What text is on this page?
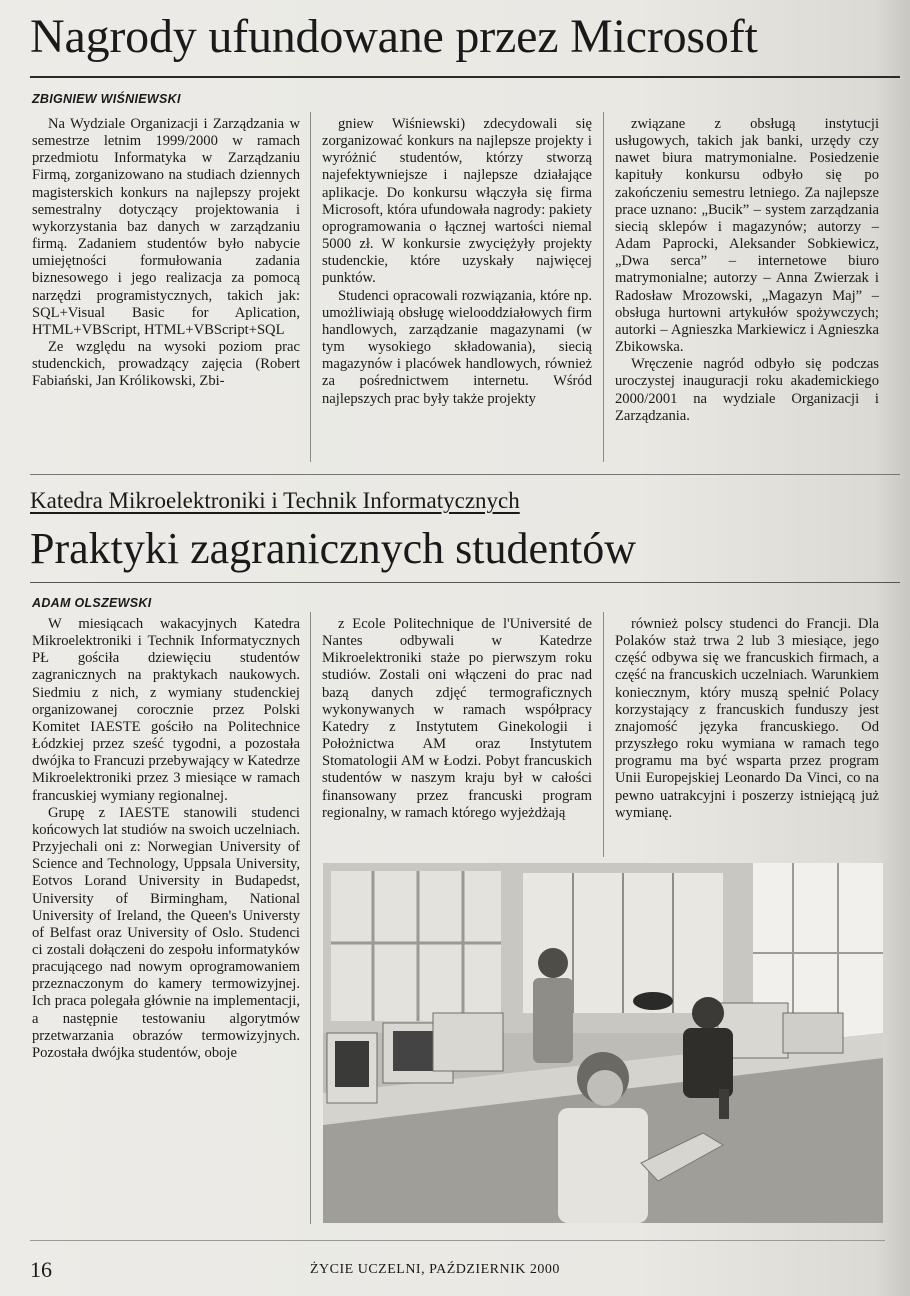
Nagrody ufundowane przez Microsoft
ZBIGNIEW WIŚNIEWSKI

Na Wydziale Organizacji i Zarządzania w semestrze letnim 1999/2000 w ramach przedmiotu Informatyka w Zarządzaniu Firmą, zorganizowano na studiach dziennych magisterskich konkurs na najlepszy projekt semestralny dotyczący projektowania i wykorzystania baz danych w zarządzaniu firmą. Zadaniem studentów było nabycie umiejętności formułowania zadania biznesowego i jego realizacja za pomocą narzędzi programistycznych, takich jak: SQL+Visual Basic for Aplication, HTML+VBScript, HTML+VBScript+SQL

Ze względu na wysoki poziom prac studenckich, prowadzący zajęcia (Robert Fabiański, Jan Królikowski, Zbi-

gniew Wiśniewski) zdecydowali się zorganizować konkurs na najlepsze projekty i wyróżnić studentów, którzy stworzą najefektywniejsze i najlepsze działające aplikacje. Do konkursu włączyła się firma Microsoft, która ufundowała nagrody: pakiety oprogramowania o łącznej wartości niemal 5000 zł. W konkursie zwyciężyły projekty studenckie, które uzyskały najwięcej punktów.

Studenci opracowali rozwiązania, które np. umożliwiają obsługę wielooddziałowych firm handlowych, zarządzanie magazynami (w tym wysokiego składowania), siecią magazynów i placówek handlowych, również za pośrednictwem internetu. Wśród najlepszych prac były także projekty

związane z obsługą instytucji usługowych, takich jak banki, urzędy czy nawet biura matrymonialne. Posiedzenie kapituły konkursu odbyło się po zakończeniu semestru letniego. Za najlepsze prace uznano: „Bucik” – system zarządzania siecią sklepów i magazynów; autorzy – Adam Paprocki, Aleksander Sobkiewicz, „Dwa serca” – internetowe biuro matrymonialne; autorzy – Anna Zwierzak i Radosław Mrozowski, „Magazyn Maj” – obsługa hurtowni artykułów spożywczych; autorki – Agnieszka Markiewicz i Agnieszka Zbikowska.

Wręczenie nagród odbyło się podczas uroczystej inauguracji roku akademickiego 2000/2001 na wydziale Organizacji i Zarządzania.

Katedra Mikroelektroniki i Technik Informatycznych
Praktyki zagranicznych studentów
ADAM OLSZEWSKI

W miesiącach wakacyjnych Katedra Mikroelektroniki i Technik Informatycznych PŁ gościła dziewięciu studentów zagranicznych na praktykach naukowych. Siedmiu z nich, z wymiany studenckiej organizowanej corocznie przez Polski Komitet IAESTE gościło na Politechnice Łódzkiej przez sześć tygodni, a pozostała dwójka to Francuzi przebywający w Katedrze Mikroelektroniki przez 3 miesiące w ramach francuskiej wymiany regionalnej.

Grupę z IAESTE stanowili studenci końcowych lat studiów na swoich uczelniach. Przyjechali oni z: Norwegian University of Science and Technology, Uppsala University, Eotvos Lorand University in Budapedst, University of Birmingham, National University of Ireland, the Queen's Universty of Belfast oraz University of Oslo. Studenci ci zostali dołączeni do zespołu informatyków pracującego nad nowym oprogramowaniem przeznaczonym do kamery termowizyjnej. Ich praca polegała głównie na implementacji, a następnie testowaniu algorytmów przetwarzania obrazów termowizyjnych. Pozostała dwójka studentów, oboje

z Ecole Politechnique de l'Université de Nantes odbywali w Katedrze Mikroelektroniki staże po pierwszym roku studiów. Zostali oni włączeni do prac nad bazą danych zdjęć termograficznych wykonywanych w ramach współpracy Katedry z Instytutem Ginekologii i Położnictwa AM oraz Instytutem Stomatologii AM w Łodzi. Pobyt francuskich studentów w naszym kraju był w całości finansowany przez francuski program regionalny, w ramach którego wyjeżdżają

również polscy studenci do Francji. Dla Polaków staż trwa 2 lub 3 miesiące, jego część odbywa się we francuskich firmach, a część na francuskich uczelniach. Warunkiem koniecznym, który muszą spełnić Polacy korzystający z francuskich funduszy jest znajomość języka francuskiego. Od przyszłego roku wymiana w ramach tego programu ma być wsparta przez program Unii Europejskiej Leonardo Da Vinci, co na pewno uatrakcyjni i poszerzy istniejącą już wymianę.

16	ŻYCIE UCZELNI, PAŹDZIERNIK 2000
